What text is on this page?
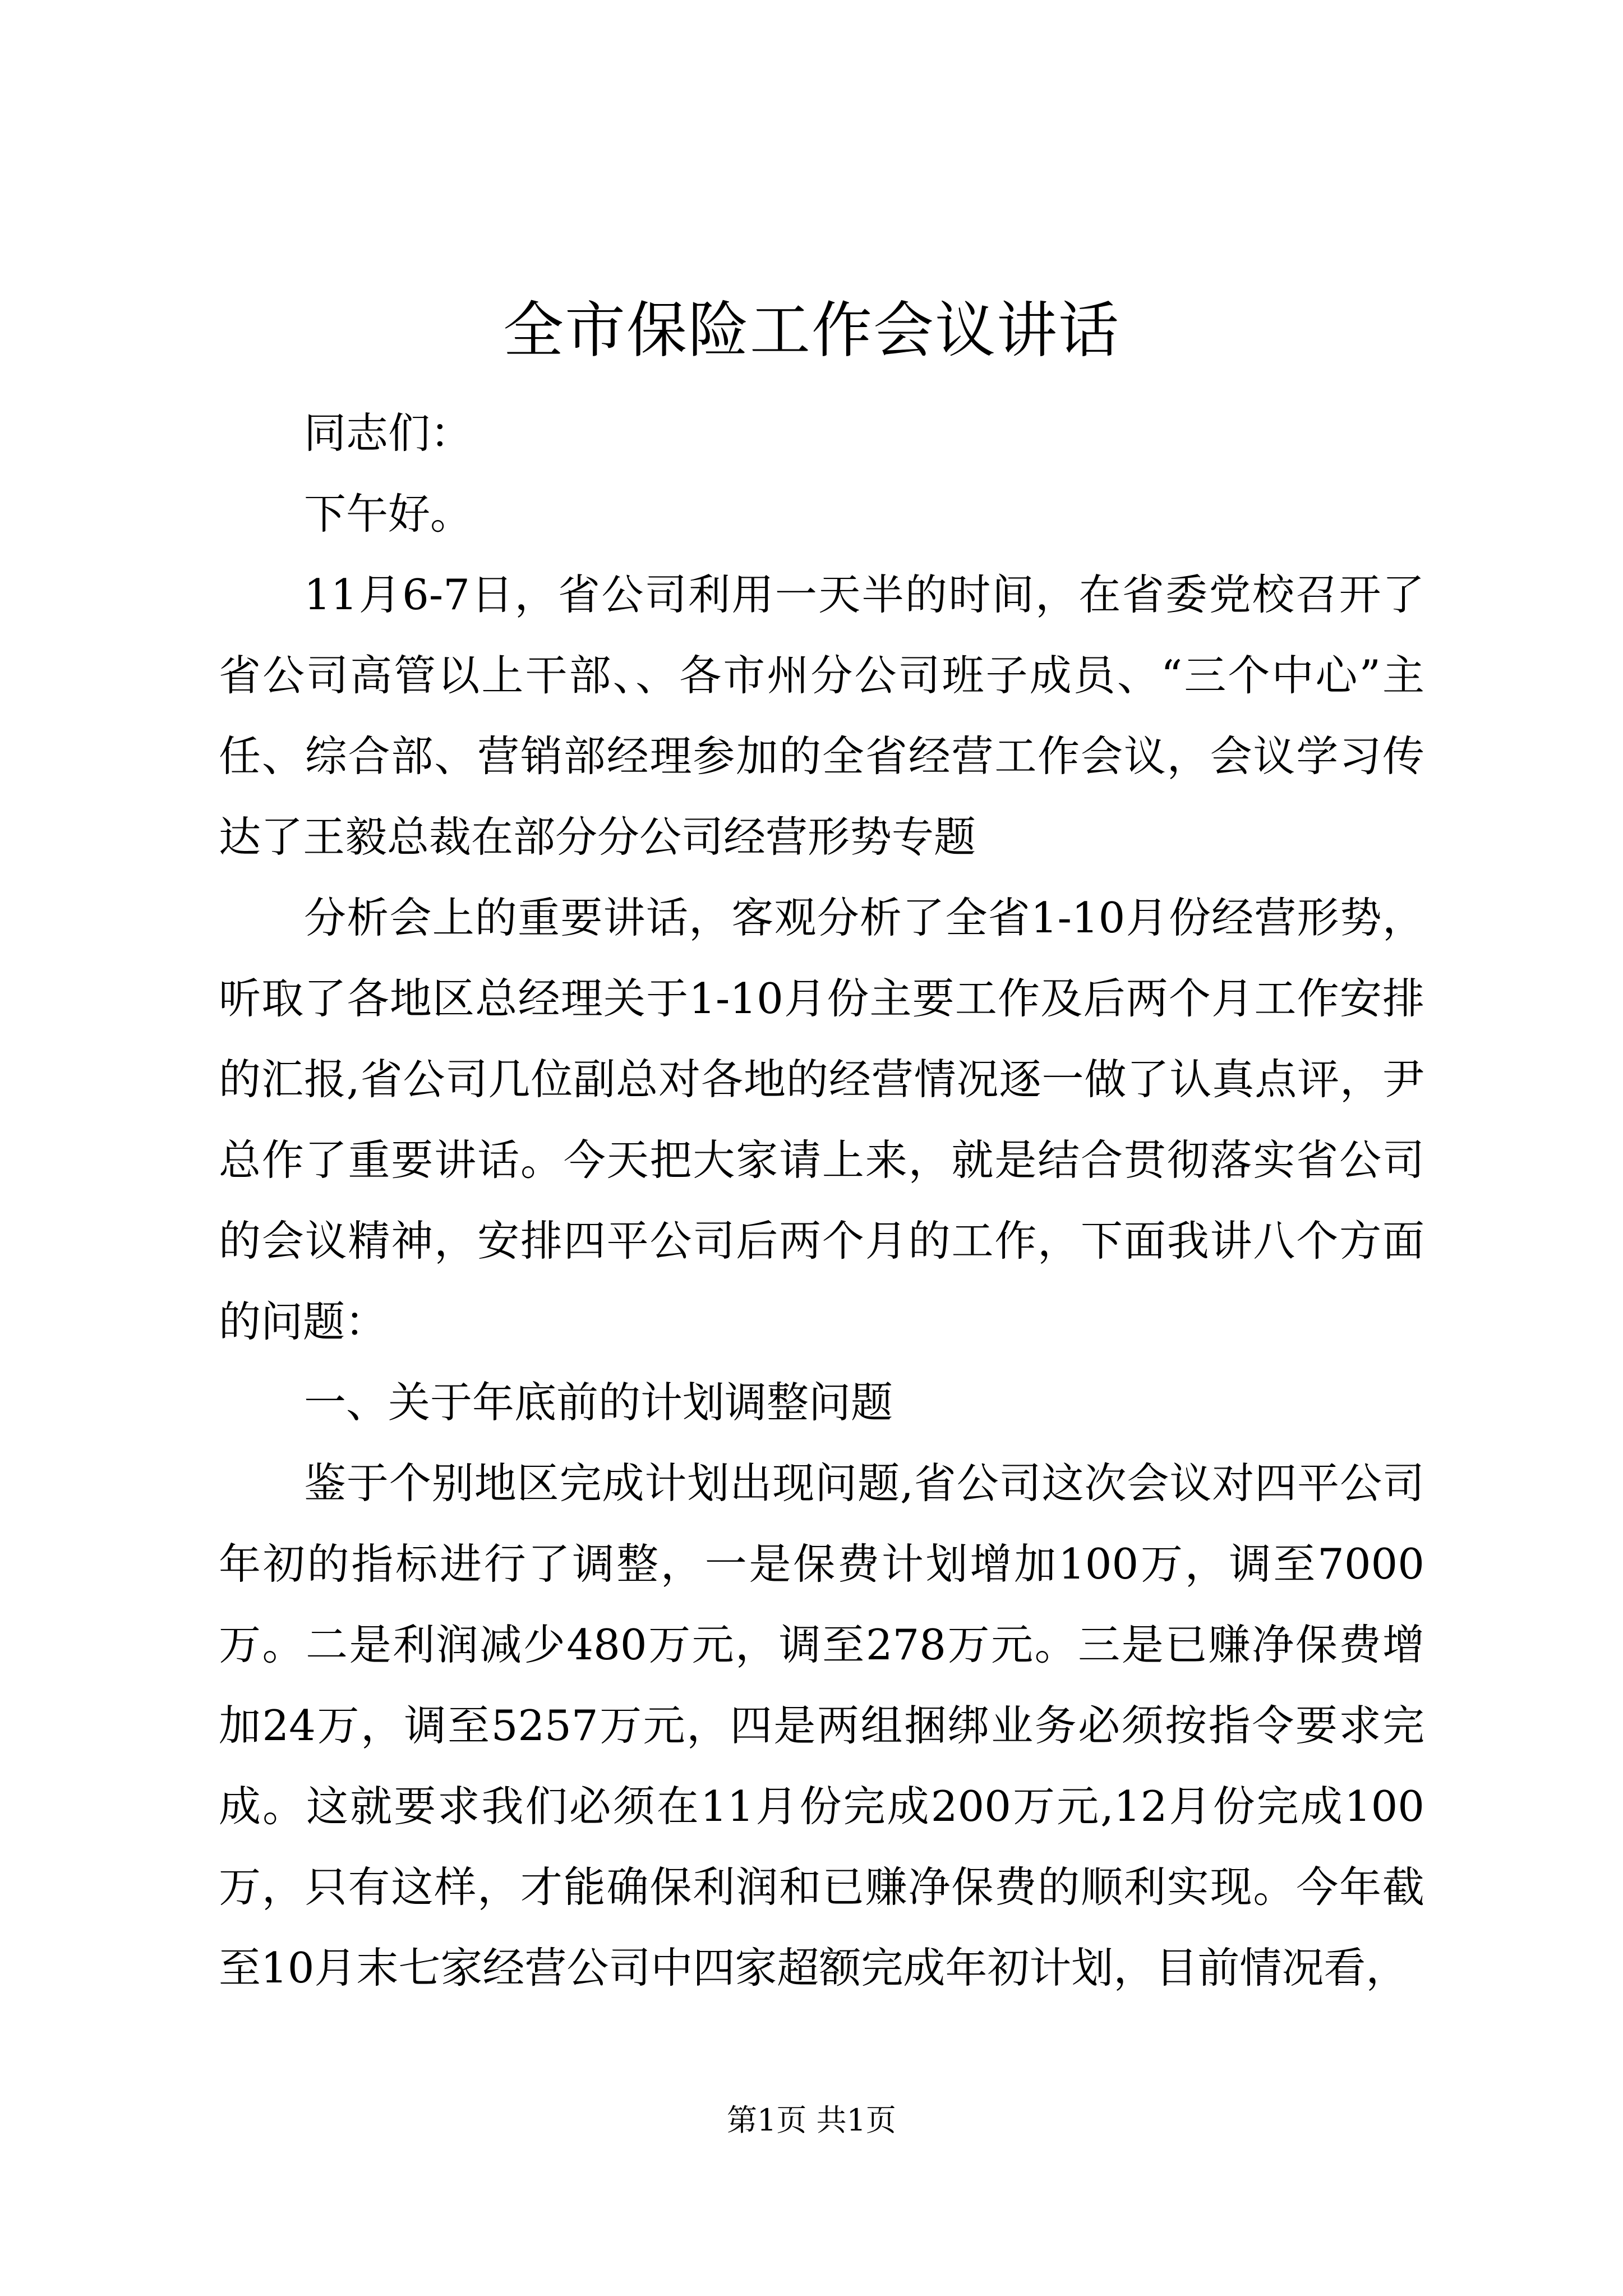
全市保险工作会议讲话

同志们：

下午好。

11月6-7日，省公司利用一天半的时间，在省委党校召开了省公司高管以上干部、、各市州分公司班子成员、“三个中心”主任、综合部、营销部经理参加的全省经营工作会议，会议学习传达了王毅总裁在部分分公司经营形势专题

分析会上的重要讲话，客观分析了全省1-10月份经营形势，听取了各地区总经理关于1-10月份主要工作及后两个月工作安排的汇报,省公司几位副总对各地的经营情况逐一做了认真点评，尹总作了重要讲话。今天把大家请上来，就是结合贯彻落实省公司的会议精神，安排四平公司后两个月的工作，下面我讲八个方面的问题：

一、关于年底前的计划调整问题

鉴于个别地区完成计划出现问题,省公司这次会议对四平公司年初的指标进行了调整，一是保费计划增加100万，调至7000万。二是利润减少480万元，调至278万元。三是已赚净保费增加24万，调至5257万元，四是两组捆绑业务必须按指令要求完成。这就要求我们必须在11月份完成200万元,12月份完成100万，只有这样，才能确保利润和已赚净保费的顺利实现。今年截至10月末七家经营公司中四家超额完成年初计划，目前情况看，

第1页 共1页
